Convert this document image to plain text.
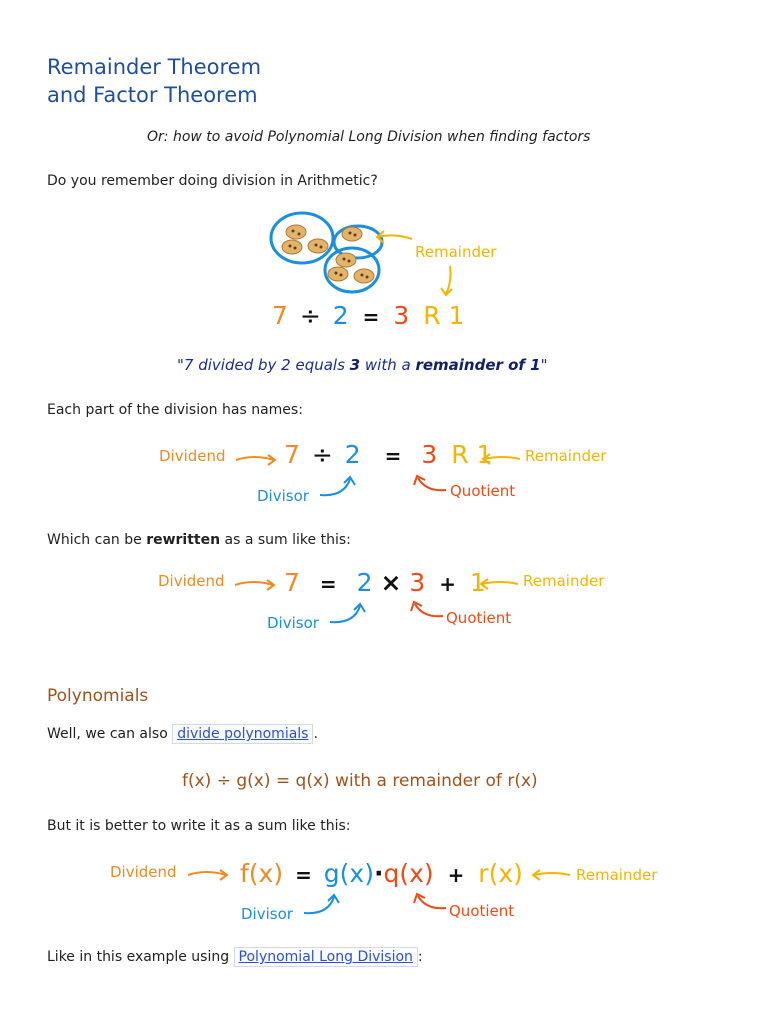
Remainder Theorem
and Factor Theorem
Or: how to avoid Polynomial Long Division when finding factors
Do you remember doing division in Arithmetic?
Remainder
7 ÷ 2 = 3 R 1
"7 divided by 2 equals 3 with a remainder of 1"
Each part of the division has names:
Dividend 7 ÷ 2 = 3 R 1 Remainder
Divisor	Quotient
Which can be rewritten as a sum like this:
Dividend 7 = 2 × 3 + 1 Remainder
Divisor	Quotient
Polynomials
Well, we can also divide polynomials .
f(x) ÷ g(x) = q(x) with a remainder of r(x)
But it is better to write it as a sum like this:
Dividend	f(x) = g(x)·q(x) + r(x)	Remainder
Divisor	Quotient
Like in this example using Polynomial Long Division :
